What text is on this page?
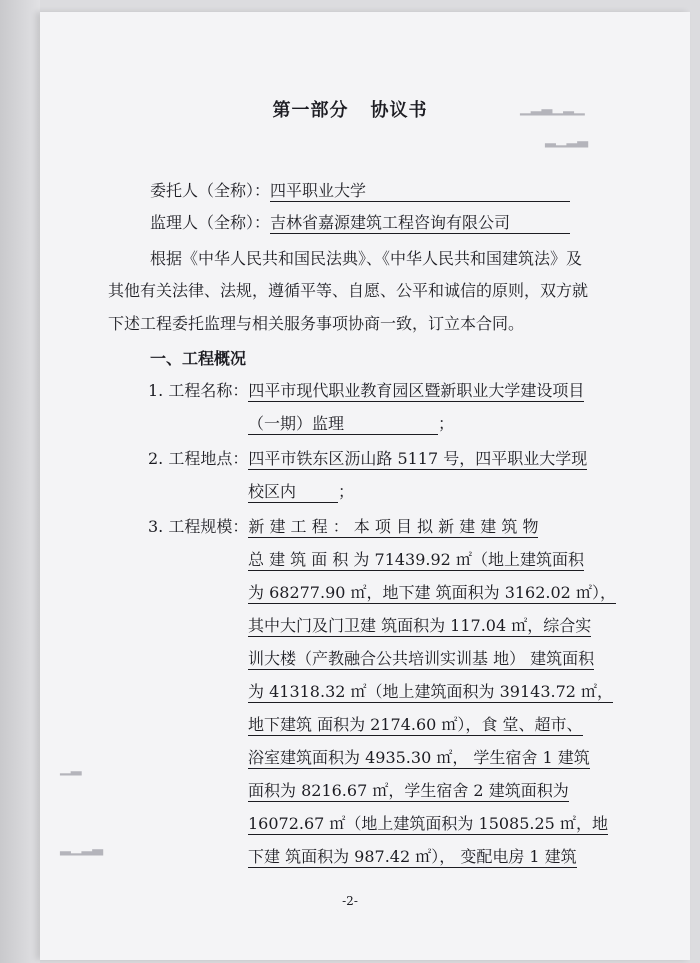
▁▂▃▁▂▁
▂▁▂▃
▁▂
▂▁▂▃
第一部分 协议书
委托人（全称）：四平职业大学
监理人（全称）：吉林省嘉源建筑工程咨询有限公司
根据《中华人民共和国民法典》、《中华人民共和国建筑法》及
其他有关法律、法规，遵循平等、自愿、公平和诚信的原则，双方就
下述工程委托监理与相关服务事项协商一致，订立本合同。
一、工程概况
1. 工程名称：四平市现代职业教育园区暨新职业大学建设项目
（一期）监理	；
2. 工程地点：四平市铁东区沥山路 5117 号，四平职业大学现
校区内	；
3. 工程规模：新 建 工 程 ： 本 项 目 拟 新 建 建 筑 物
总 建 筑 面 积 为 71439.92 ㎡（地上建筑面积
为 68277.90 ㎡，地下建 筑面积为 3162.02 ㎡），
其中大门及门卫建 筑面积为 117.04 ㎡，综合实
训大楼（产教融合公共培训实训基 地） 建筑面积
为 41318.32 ㎡（地上建筑面积为 39143.72 ㎡，
地下建筑 面积为 2174.60 ㎡），食 堂、超市、
浴室建筑面积为 4935.30 ㎡， 学生宿舍 1 建筑
面积为 8216.67 ㎡，学生宿舍 2 建筑面积为
16072.67 ㎡（地上建筑面积为 15085.25 ㎡，地
下建 筑面积为 987.42 ㎡）， 变配电房 1 建筑
-2-
